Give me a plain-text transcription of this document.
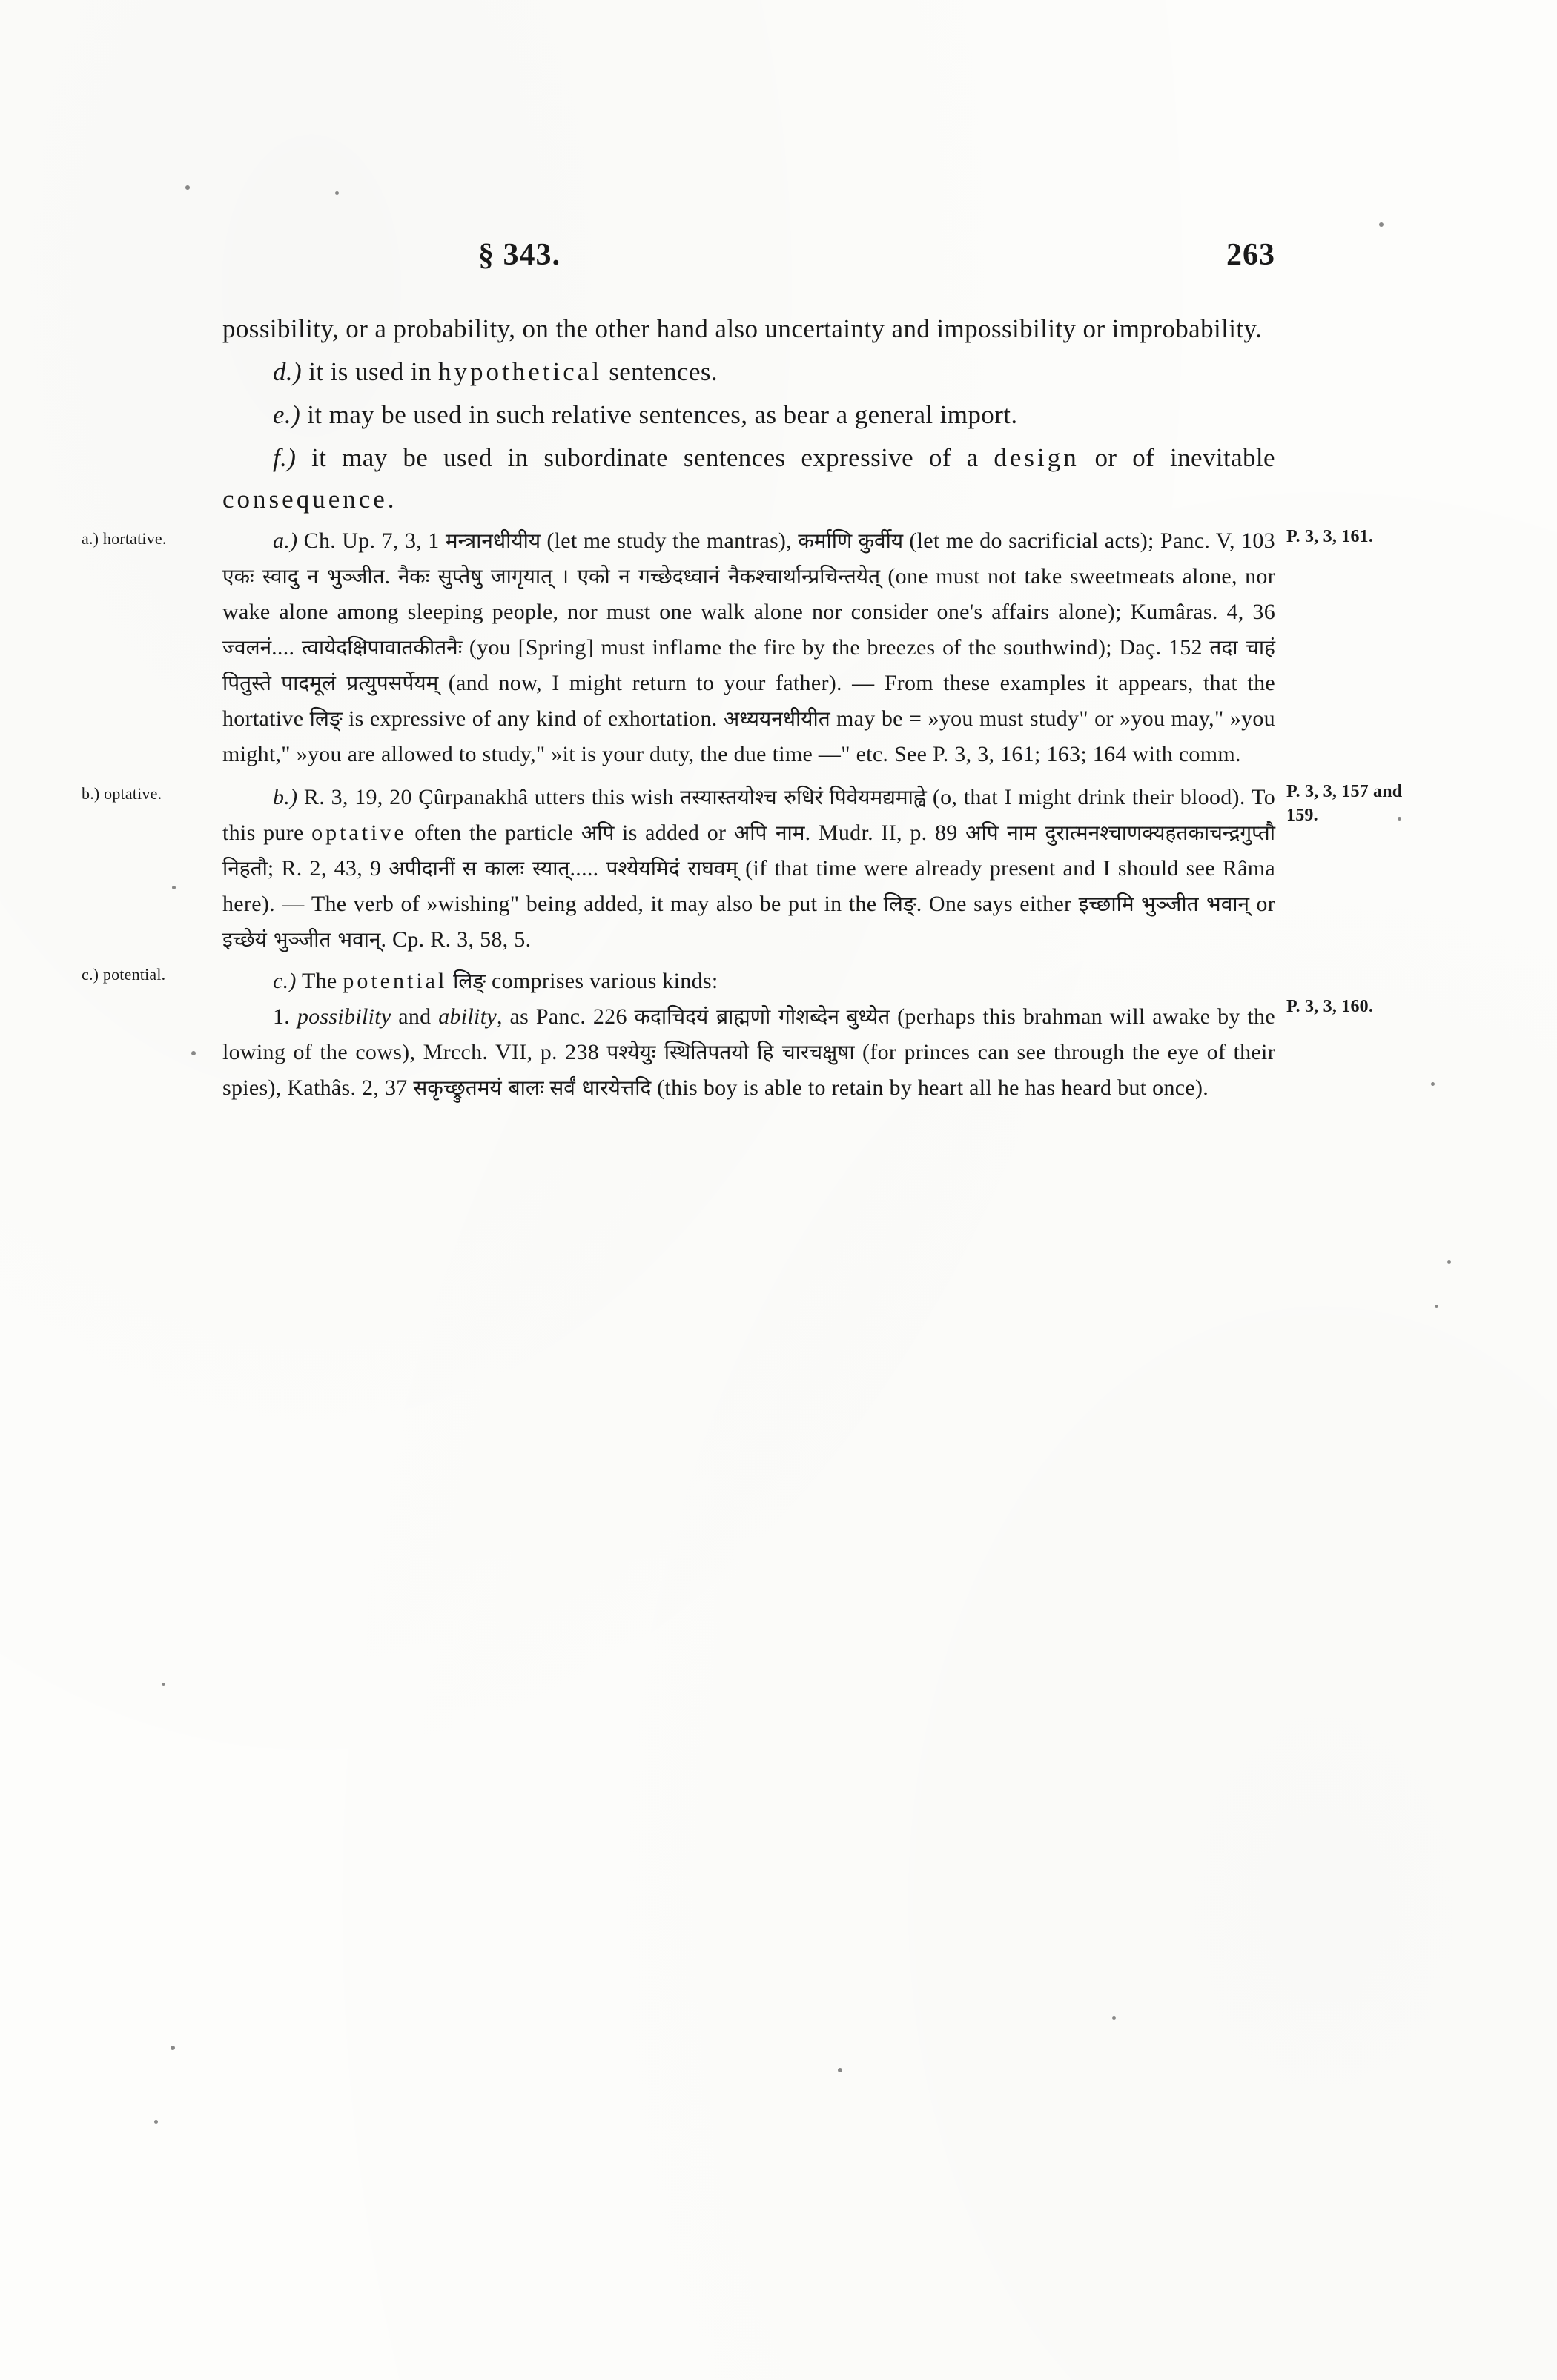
§ 343.	263

possibility, or a probability, on the other hand also uncertainty and impossibility or improbability.

d.) it is used in hypothetical sentences.

e.) it may be used in such relative sentences, as bear a general import.

f.) it may be used in subordinate sentences expressive of a design or of inevitable consequence.

a.) hortative.	P. 3, 3, 161.

a.) Ch. Up. 7, 3, 1 मन्त्रानधीयीय (let me study the mantras), कर्माणि कुर्वीय (let me do sacrificial acts); Panc. V, 103 एकः स्वादु न भुञ्जीत. नैकः सुप्तेषु जागृयात् । एको न गच्छेदध्वानं नैकश्चार्थान्प्रचिन्तयेत् (one must not take sweetmeats alone, nor wake alone among sleeping people, nor must one walk alone nor consider one's affairs alone); Kumâras. 4, 36 ज्वलनं.... त्वायेदक्षिपावातकीतनैः (you [Spring] must inflame the fire by the breezes of the southwind); Daç. 152 तदा चाहं पितुस्ते पादमूलं प्रत्युपसर्पेयम् (and now, I might return to your father). — From these examples it appears, that the hortative लिङ् is expressive of any kind of exhortation. अध्ययनधीयीत may be = »you must study" or »you may," »you might," »you are allowed to study," »it is your duty, the due time —" etc. See P. 3, 3, 161; 163; 164 with comm.

b.) optative.	P. 3, 3, 157 and 159.
P. 3, 3, 160.

b.) R. 3, 19, 20 Çûrpanakhâ utters this wish तस्यास्तयोश्च रुधिरं पिवेयमद्यमाह्वे (o, that I might drink their blood). To this pure optative often the particle अपि is added or अपि नाम. Mudr. II, p. 89 अपि नाम दुरात्मनश्चाणक्यहतकाचन्द्रगुप्तौ निहतौ; R. 2, 43, 9 अपीदानीं स कालः स्यात्..... पश्येयमिदं राघवम् (if that time were already present and I should see Râma here). — The verb of »wishing" being added, it may also be put in the लिङ्. One says either इच्छामि भुञ्जीत भवान् or इच्छेयं भुञ्जीत भवान्. Cp. R. 3, 58, 5.

c.) potential.	c.) The potential लिङ् comprises various kinds:

1. possibility and ability, as Panc. 226 कदाचिदयं ब्राह्मणो गोशब्देन बुध्येत (perhaps this brahman will awake by the lowing of the cows), Mrcch. VII, p. 238 पश्येयुः स्थितिपतयो हि चारचक्षुषा (for princes can see through the eye of their spies), Kathâs. 2, 37 सकृच्छ्रुतमयं बालः सर्वं धारयेत्तदि (this boy is able to retain by heart all he has heard but once).
